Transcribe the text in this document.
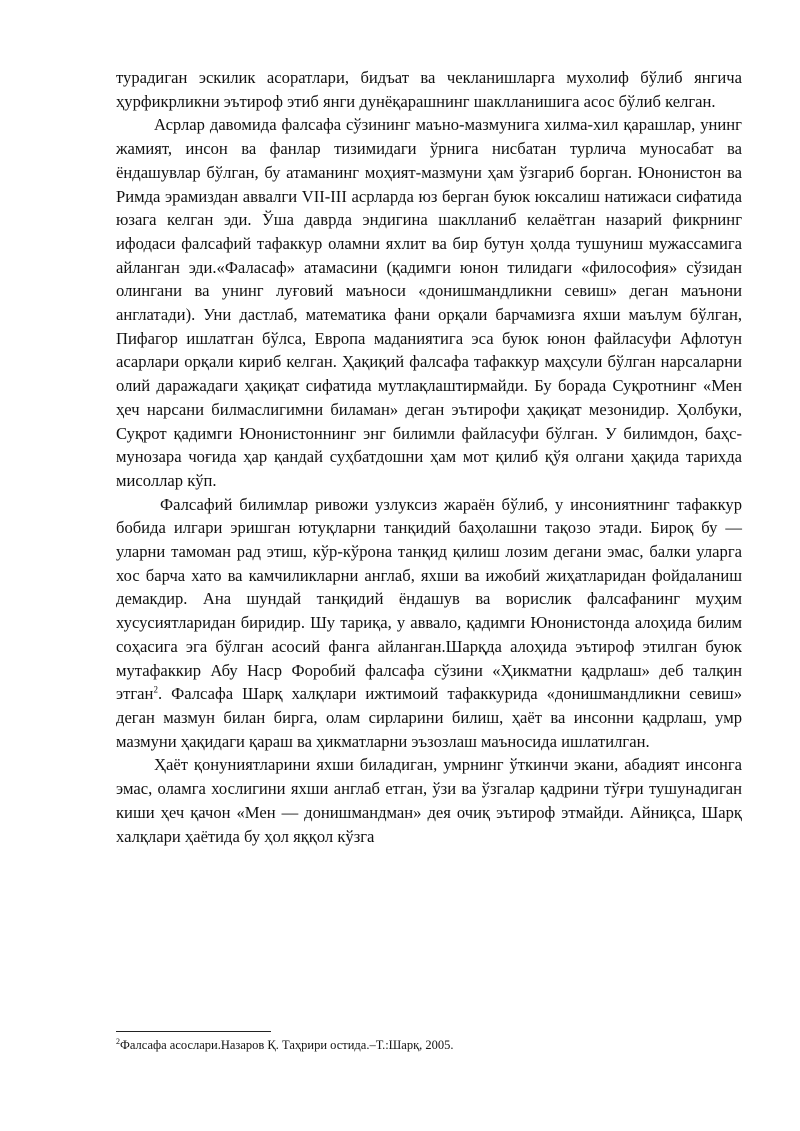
турадиган эскилик асоратлари, бидъат ва чекланишларга мухолиф бўлиб янгича ҳурфикрликни эътироф этиб янги дунёқарашнинг шаклланишига асос бўлиб келган.

Асрлар давомида фалсафа сўзининг маъно-мазмунига хилма-хил қарашлар, унинг жамият, инсон ва фанлар тизимидаги ўрнига нисбатан турлича муносабат ва ёндашувлар бўлган, бу атаманинг моҳият-мазмуни ҳам ўзгариб борган. Юнонистон ва Римда эрамиздан аввалги VII-III асрларда юз берган буюк юксалиш натижаси сифатида юзага келган эди. Ўша даврда эндигина шаклланиб келаётган назарий фикрнинг ифодаси фалсафий тафаккур оламни яхлит ва бир бутун ҳолда тушуниш мужассамига айланган эди.«Фаласаф» атамасини (қадимги юнон тилидаги «философия» сўзидан олингани ва унинг луғовий маъноси «донишмандликни севиш» деган маънони англатади). Уни дастлаб, математика фани орқали барчамизга яхши маълум бўлган, Пифагор ишлатган бўлса, Европа маданиятига эса буюк юнон файласуфи Афлотун асарлари орқали кириб келган. Ҳақиқий фалсафа тафаккур маҳсули бўлган нарсаларни олий даражадаги ҳақиқат сифатида мутлақлаштирмайди. Бу борада Суқротнинг «Мен ҳеч нарсани билмаслигимни биламан» деган эътирофи ҳақиқат мезонидир. Ҳолбуки, Суқрот қадимги Юнонистоннинг энг билимли файласуфи бўлган. У билимдон, баҳс-мунозара чоғида ҳар қандай суҳбатдошни ҳам мот қилиб қўя олгани ҳақида тарихда мисоллар кўп.

Фалсафий билимлар ривожи узлуксиз жараён бўлиб, у инсониятнинг тафаккур бобида илгари эришган ютуқларни танқидий баҳолашни тақозо этади. Бироқ бу — уларни тамоман рад этиш, кўр-кўрона танқид қилиш лозим дегани эмас, балки уларга хос барча хато ва камчиликларни англаб, яхши ва ижобий жиҳатларидан фойдаланиш демакдир. Ана шундай танқидий ёндашув ва ворислик фалсафанинг муҳим хусусиятларидан биридир. Шу тариқа, у аввало, қадимги Юнонистонда алоҳида билим соҳасига эга бўлган асосий фанга айланган.Шарқда алоҳида эътироф этилган буюк мутафаккир Абу Наср Форобий фалсафа сўзини «Ҳикматни қадрлаш» деб талқин этган$^2$. Фалсафа Шарқ халқлари ижтимоий тафаккурида «донишмандликни севиш» деган мазмун билан бирга, олам сирларини билиш, ҳаёт ва инсонни қадрлаш, умр мазмуни ҳақидаги қараш ва ҳикматларни эъзозлаш маъносида ишлатилган.

Ҳаёт қонуниятларини яхши биладиган, умрнинг ўткинчи экани, абадият инсонга эмас, оламга хослигини яхши англаб етган, ўзи ва ўзгалар қадрини тўғри тушунадиган киши ҳеч қачон «Мен — донишмандман» дея очиқ эътироф этмайди. Айниқса, Шарқ халқлари ҳаётида бу ҳол яққол кўзга

$^2$Фалсафа асослари.Назаров Қ. Таҳрири остида.–Т.:Шарқ, 2005.
